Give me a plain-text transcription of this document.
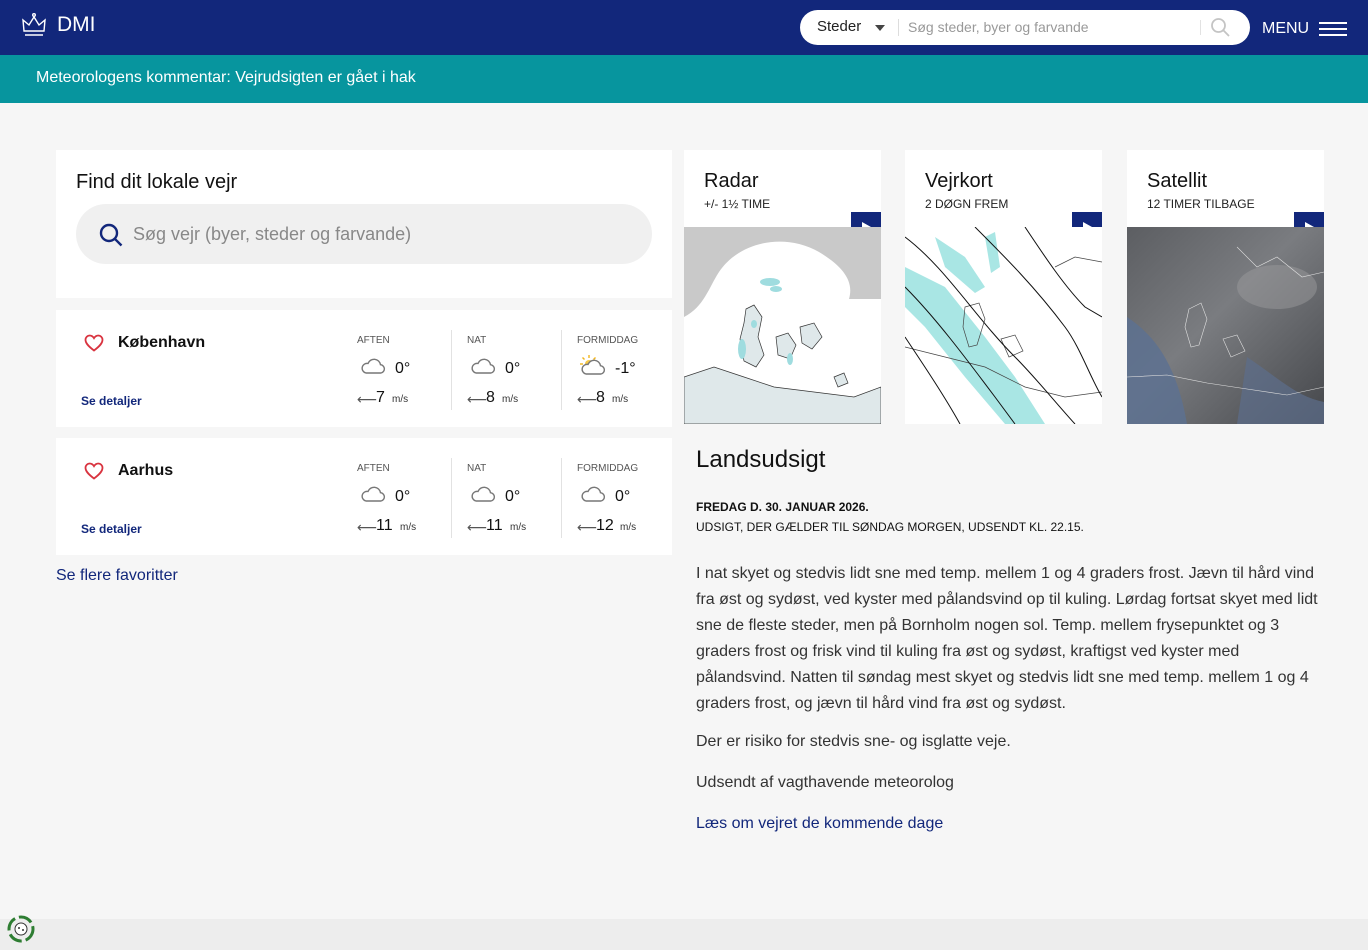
DMI	Steder	Søg steder, byer og farvande	MENU
Meteorologens kommentar: Vejrudsigten er gået i hak
Find dit lokale vejr
Søg vejr (byer, steder og farvande)
København
Se detaljer
AFTEN
0°
⟵
7 m/s
NAT
0°
⟵
8 m/s
FORMIDDAG
-1°
⟵
8 m/s
Aarhus
Se detaljer
AFTEN
0°
⟵
11 m/s
NAT
0°
⟵
11 m/s
FORMIDDAG
0°
⟵
12 m/s
Se flere favoritter
Radar
+/- 1½ TIME
Vejrkort
2 DØGN FREM
Satellit
12 TIMER TILBAGE
Landsudsigt
FREDAG D. 30. JANUAR 2026.
UDSIGT, DER GÆLDER TIL SØNDAG MORGEN, UDSENDT KL. 22.15.

I nat skyet og stedvis lidt sne med temp. mellem 1 og 4 graders frost. Jævn til hård vind fra øst og sydøst, ved kyster med pålandsvind op til kuling. Lørdag fortsat skyet med lidt sne de fleste steder, men på Bornholm nogen sol. Temp. mellem frysepunktet og 3 graders frost og frisk vind til kuling fra øst og sydøst, kraftigst ved kyster med pålandsvind. Natten til søndag mest skyet og stedvis lidt sne med temp. mellem 1 og 4 graders frost, og jævn til hård vind fra øst og sydøst.

Der er risiko for stedvis sne- og isglatte veje.

Udsendt af vagthavende meteorolog

Læs om vejret de kommende dage
